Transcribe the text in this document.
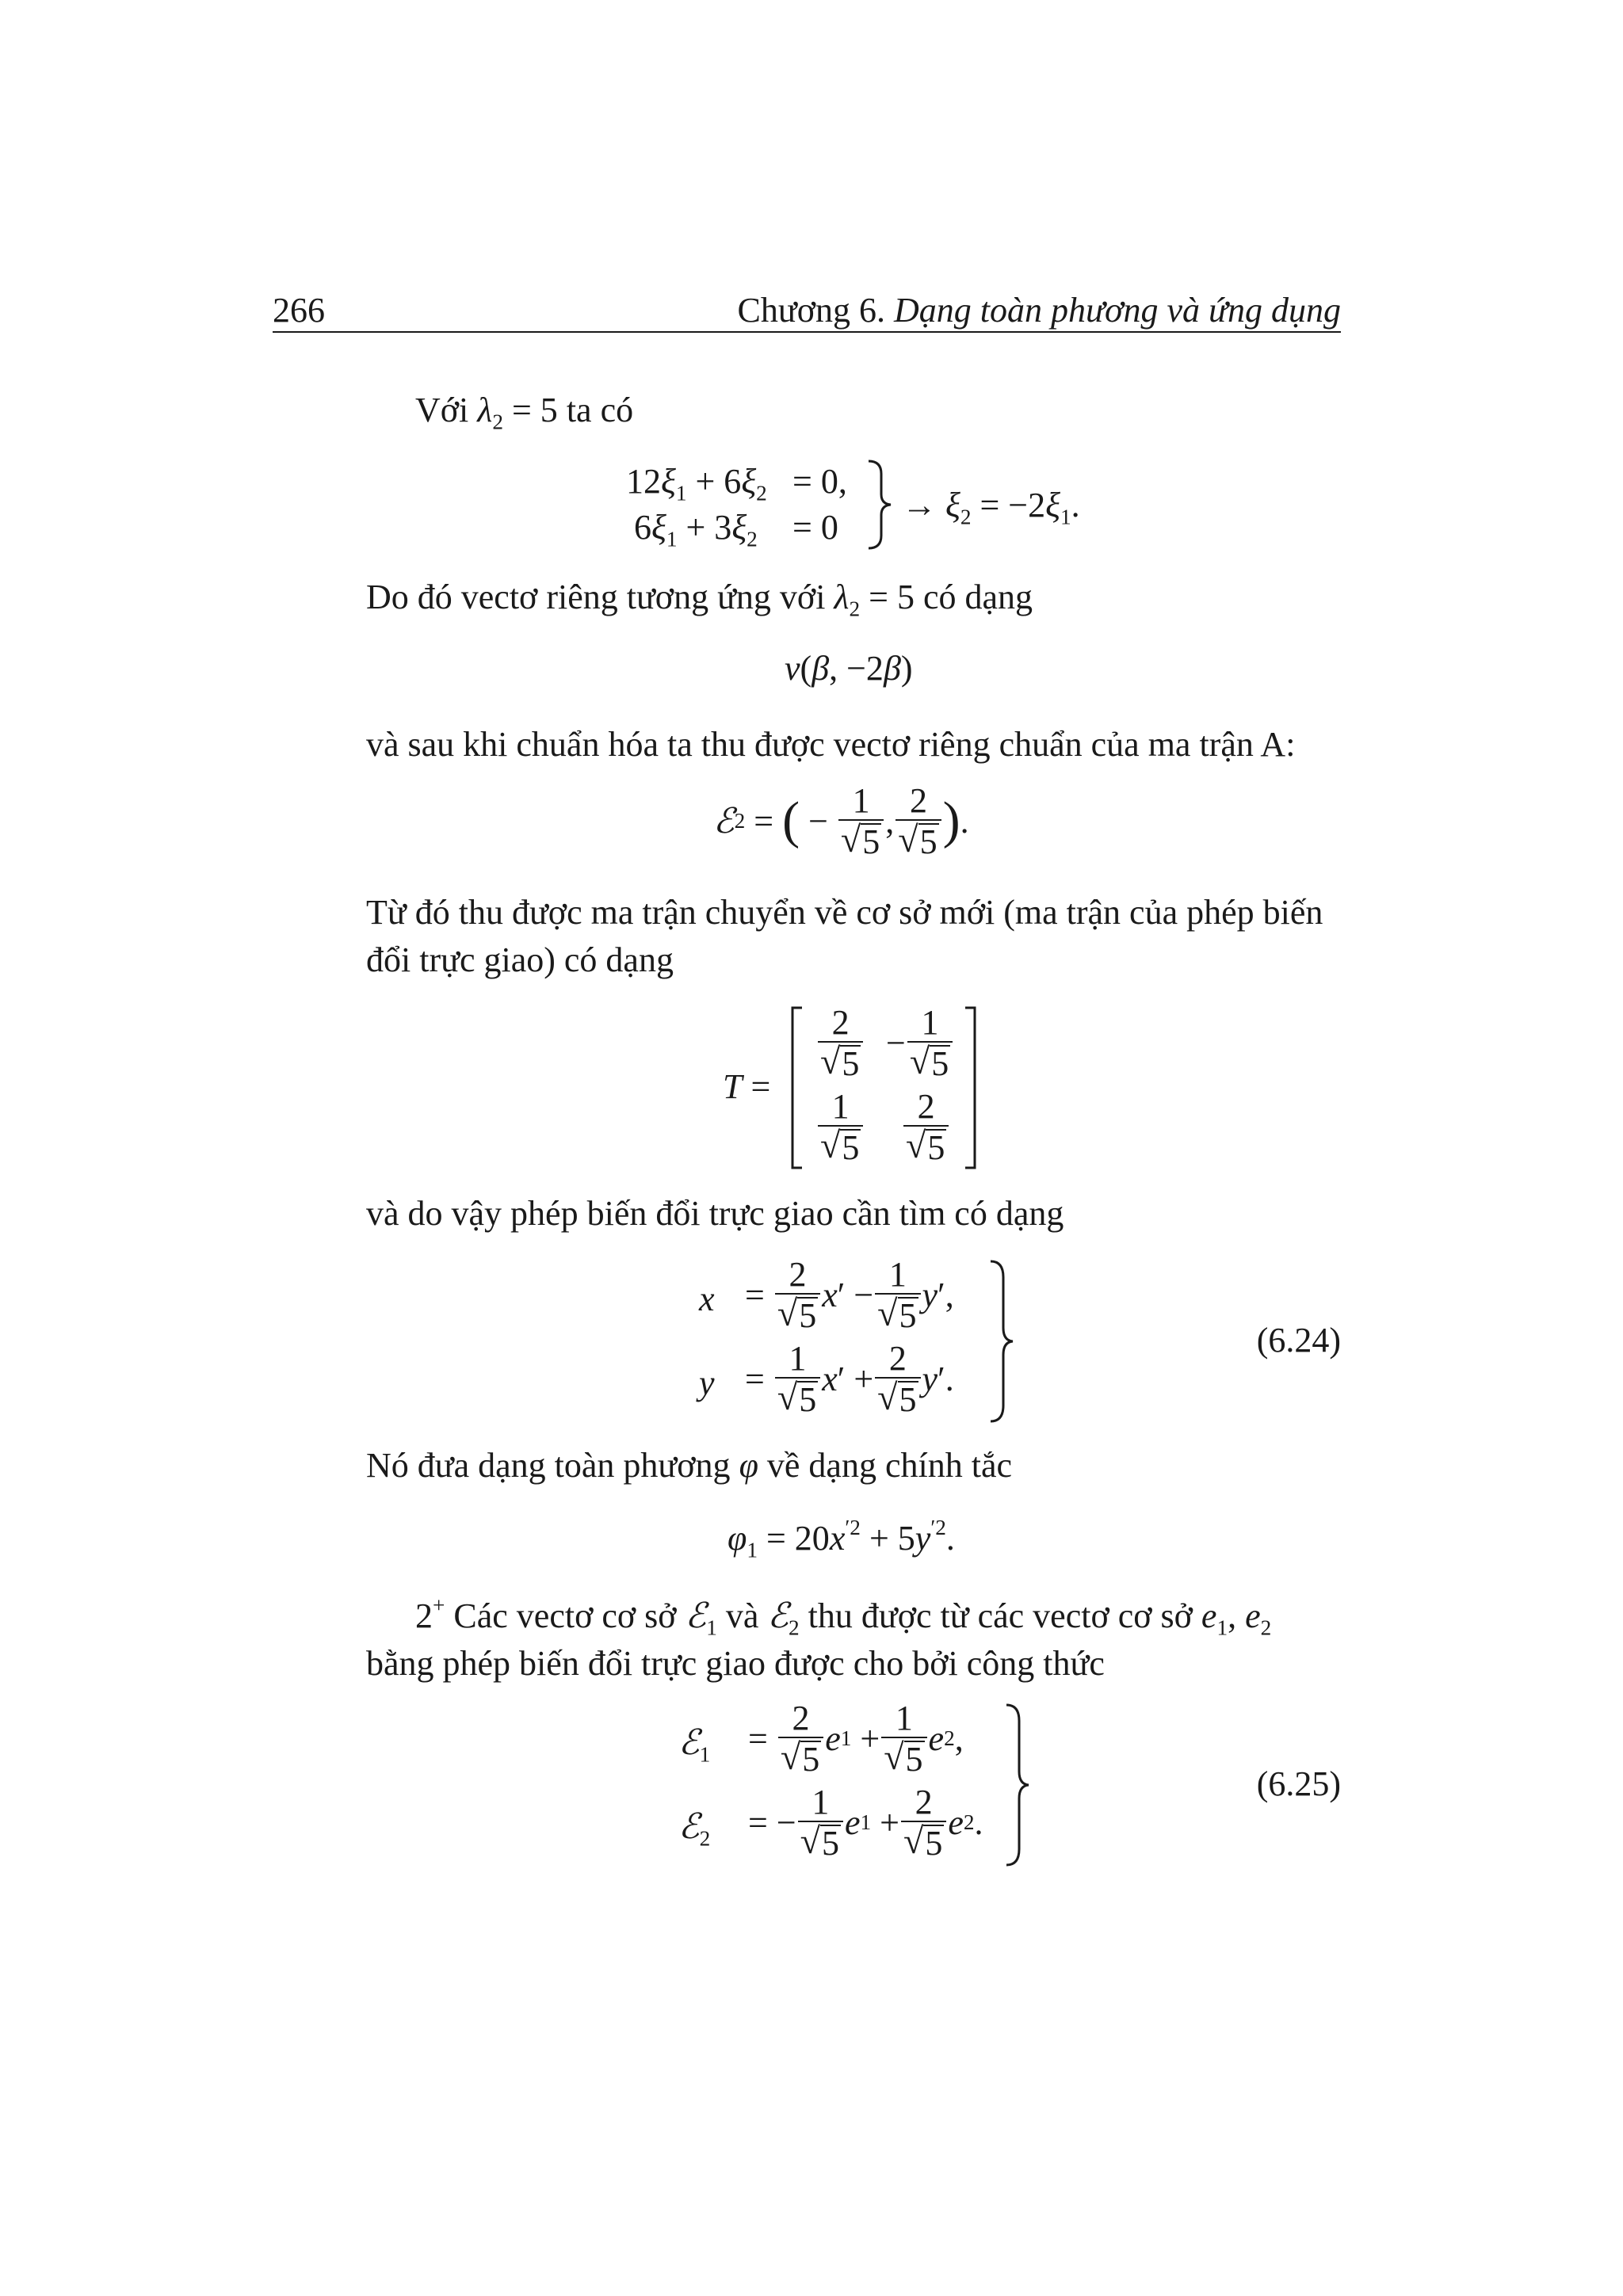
266	Chương 6. Dạng toàn phương và ứng dụng
Với $\lambda_2 = 5$ ta có
$12\xi_1 + 6\xi_2 = 0$,
$6\xi_1 + 3\xi_2 = 0$
→ $\xi_2 = -2\xi_1$.
Do đó vectơ riêng tương ứng với $\lambda_2 = 5$ có dạng
v(β, −2β)
và sau khi chuẩn hóa ta thu được vectơ riêng chuẩn của ma trận A:
ℰ 2 = ( − $\frac{1}{√ 5}$ , $\frac{2}{√ 5}$ ) .
Từ đó thu được ma trận chuyển về cơ sở mới (ma trận của phép biến
đổi trực giao) có dạng
T =
$\frac{2}{√ 5} - \frac{1}{√ 5}$
$\frac{1}{√ 5} \frac{2}{√ 5}$
và do vậy phép biến đổi trực giao cần tìm có dạng
$x = \frac{2}{√ 5}$ x ′ − $\frac{1}{√ 5}$ y ′,
$y = \frac{1}{√ 5}$ x ′ + $\frac{2}{√ 5}$ y ′.
(6.24)
Nó đưa dạng toàn phương φ về dạng chính tắc
$\varphi_1 = 20x^{'2} + 5y^{'2}$.
2+ Các vectơ cơ sở ℰ$_1$ và ℰ$_2$ thu được từ các vectơ cơ sở $e_1$, $e_2$
bằng phép biến đổi trực giao được cho bởi công thức
ℰ$_1$ = $\frac{2}{√ 5}$ e $1 + \frac{1}{√ 5}$ e 2 ,
ℰ$_2$ = − $\frac{1}{√ 5}$ e $1 + \frac{2}{√ 5}$ e 2 .
(6.25)
